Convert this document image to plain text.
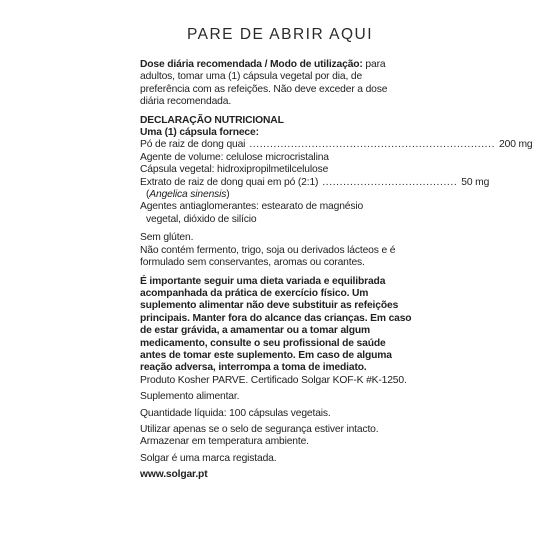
PARE DE ABRIR AQUI

Dose diária recomendada / Modo de utilização: para adultos, tomar uma (1) cápsula vegetal por dia, de preferência com as refeições. Não deve exceder a dose diária recomendada.

DECLARAÇÃO NUTRICIONAL
Uma (1) cápsula fornece:
Pó de raiz de dong quai ....................................................................... 200 mg
Agente de volume: celulose microcristalina
Cápsula vegetal: hidroxipropilmetilcelulose
Extrato de raiz de dong quai em pó (2:1) ....................................... 50 mg
(Angelica sinensis)
Agentes antiaglomerantes: estearato de magnésio
vegetal, dióxido de silício

Sem glúten.

Não contém fermento, trigo, soja ou derivados lácteos e é formulado sem conservantes, aromas ou corantes.

É importante seguir uma dieta variada e equilibrada acompanhada da prática de exercício físico. Um suplemento alimentar não deve substituir as refeições principais. Manter fora do alcance das crianças. Em caso de estar grávida, a amamentar ou a tomar algum medicamento, consulte o seu profissional de saúde antes de tomar este suplemento. Em caso de alguma reação adversa, interrompa a toma de imediato.

Produto Kosher PARVE. Certificado Solgar KOF-K #K-1250.

Suplemento alimentar.

Quantidade líquida: 100 cápsulas vegetais.

Utilizar apenas se o selo de segurança estiver intacto.

Armazenar em temperatura ambiente.

Solgar é uma marca registada.

www.solgar.pt
